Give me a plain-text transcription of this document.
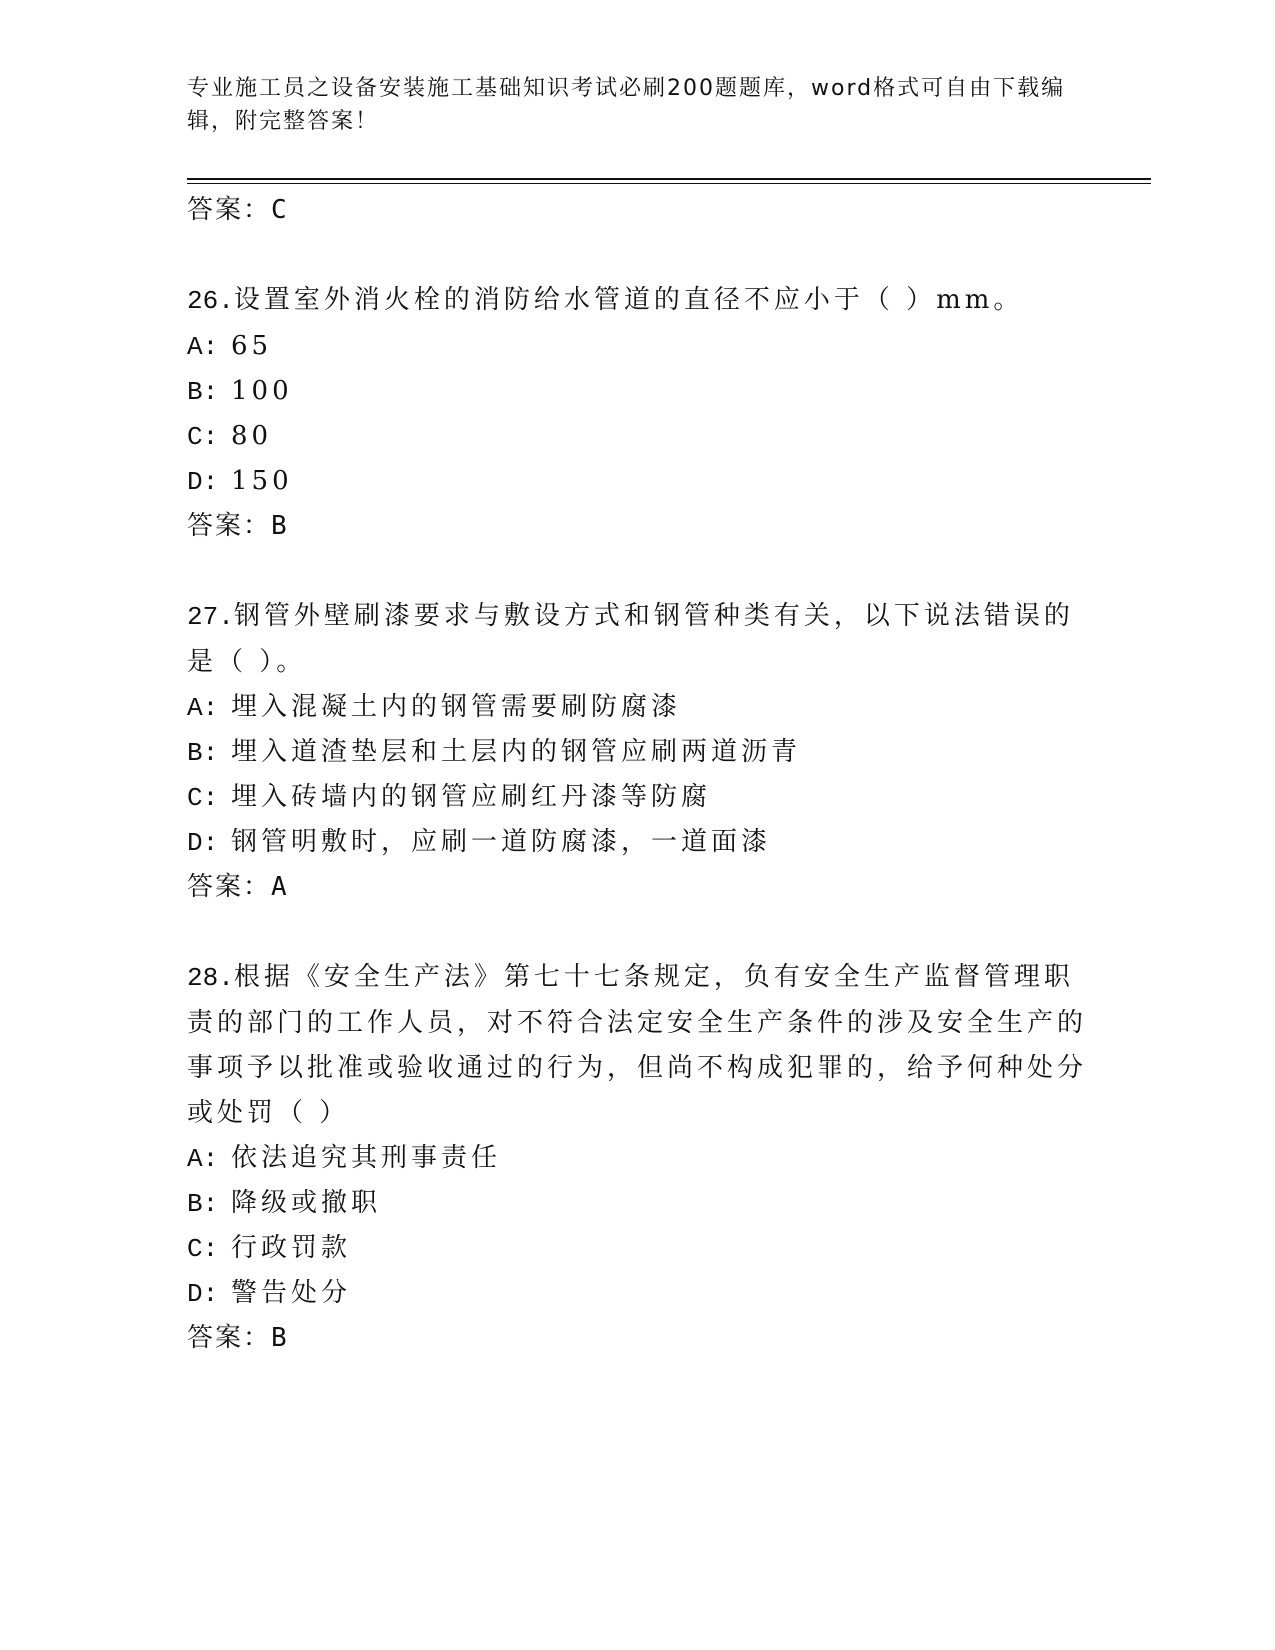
专业施工员之设备安装施工基础知识考试必刷200题题库，word格式可自由下载编辑，附完整答案！
答案：C
26.设置室外消火栓的消防给水管道的直径不应小于（ ）mm。
A: 65
B: 100
C: 80
D: 150
答案：B
27.钢管外壁刷漆要求与敷设方式和钢管种类有关，以下说法错误的是（ ）。
A: 埋入混凝土内的钢管需要刷防腐漆
B: 埋入道渣垫层和土层内的钢管应刷两道沥青
C: 埋入砖墙内的钢管应刷红丹漆等防腐
D: 钢管明敷时，应刷一道防腐漆，一道面漆
答案：A
28.根据《安全生产法》第七十七条规定，负有安全生产监督管理职责的部门的工作人员，对不符合法定安全生产条件的涉及安全生产的事项予以批准或验收通过的行为，但尚不构成犯罪的，给予何种处分或处罚（ ）
A: 依法追究其刑事责任
B: 降级或撤职
C: 行政罚款
D: 警告处分
答案：B
